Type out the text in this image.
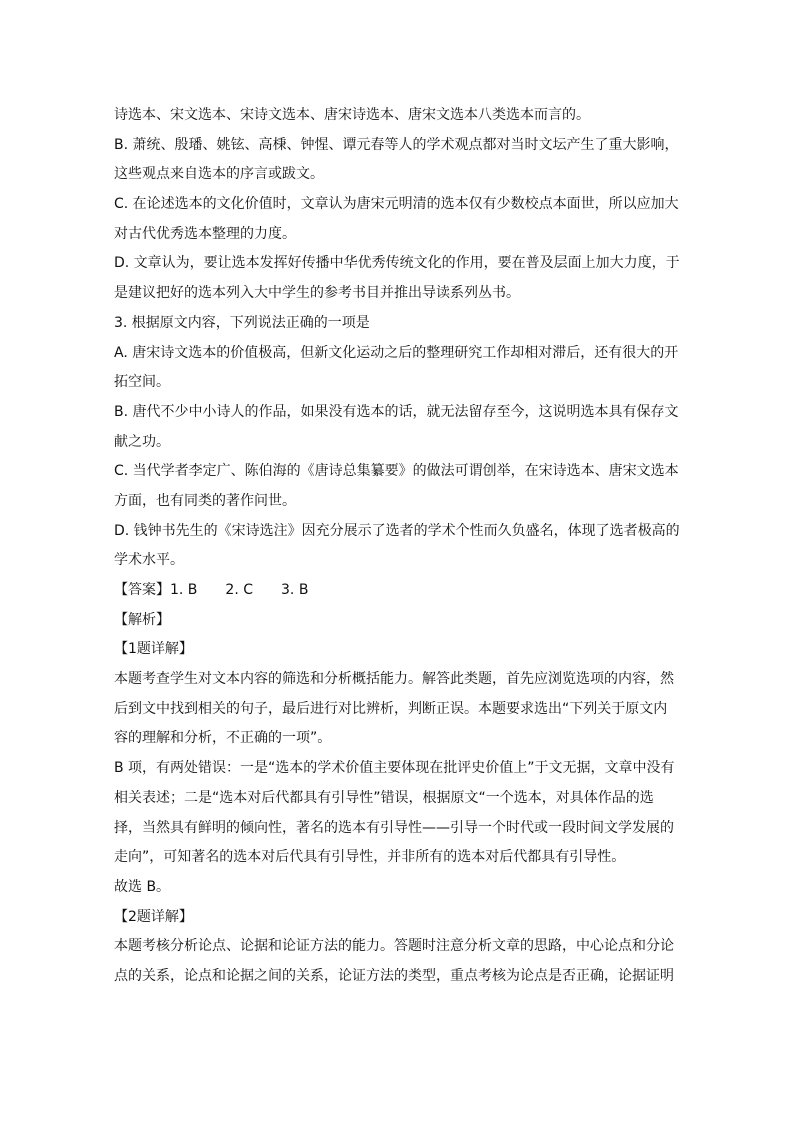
诗选本、宋文选本、宋诗文选本、唐宋诗选本、唐宋文选本八类选本而言的。
B. 萧统、殷璠、姚铉、高棅、钟惺、谭元春等人的学术观点都对当时文坛产生了重大影响，
这些观点来自选本的序言或跋文。
C. 在论述选本的文化价值时，文章认为唐宋元明清的选本仅有少数校点本面世，所以应加大
对古代优秀选本整理的力度。
D. 文章认为，要让选本发挥好传播中华优秀传统文化的作用，要在普及层面上加大力度，于
是建议把好的选本列入大中学生的参考书目并推出导读系列丛书。
3. 根据原文内容，下列说法正确的一项是
A. 唐宋诗文选本的价值极高，但新文化运动之后的整理研究工作却相对滞后，还有很大的开
拓空间。
B. 唐代不少中小诗人的作品，如果没有选本的话，就无法留存至今，这说明选本具有保存文
献之功。
C. 当代学者李定广、陈伯海的《唐诗总集纂要》的做法可谓创举，在宋诗选本、唐宋文选本
方面，也有同类的著作问世。
D. 钱钟书先生的《宋诗选注》因充分展示了选者的学术个性而久负盛名，体现了选者极高的
学术水平。
【答案】1. B 2. C 3. B
【解析】
【1题详解】
本题考查学生对文本内容的筛选和分析概括能力。解答此类题，首先应浏览选项的内容，然
后到文中找到相关的句子，最后进行对比辨析，判断正误。本题要求选出“下列关于原文内
容的理解和分析，不正确的一项”。
B 项，有两处错误：一是“选本的学术价值主要体现在批评史价值上”于文无据，文章中没有
相关表述；二是“选本对后代都具有引导性”错误，根据原文“一个选本，对具体作品的选
择，当然具有鲜明的倾向性，著名的选本有引导性——引导一个时代或一段时间文学发展的
走向”，可知著名的选本对后代具有引导性，并非所有的选本对后代都具有引导性。
故选 B。
【2题详解】
本题考核分析论点、论据和论证方法的能力。答题时注意分析文章的思路，中心论点和分论
点的关系，论点和论据之间的关系，论证方法的类型，重点考核为论点是否正确，论据证明
